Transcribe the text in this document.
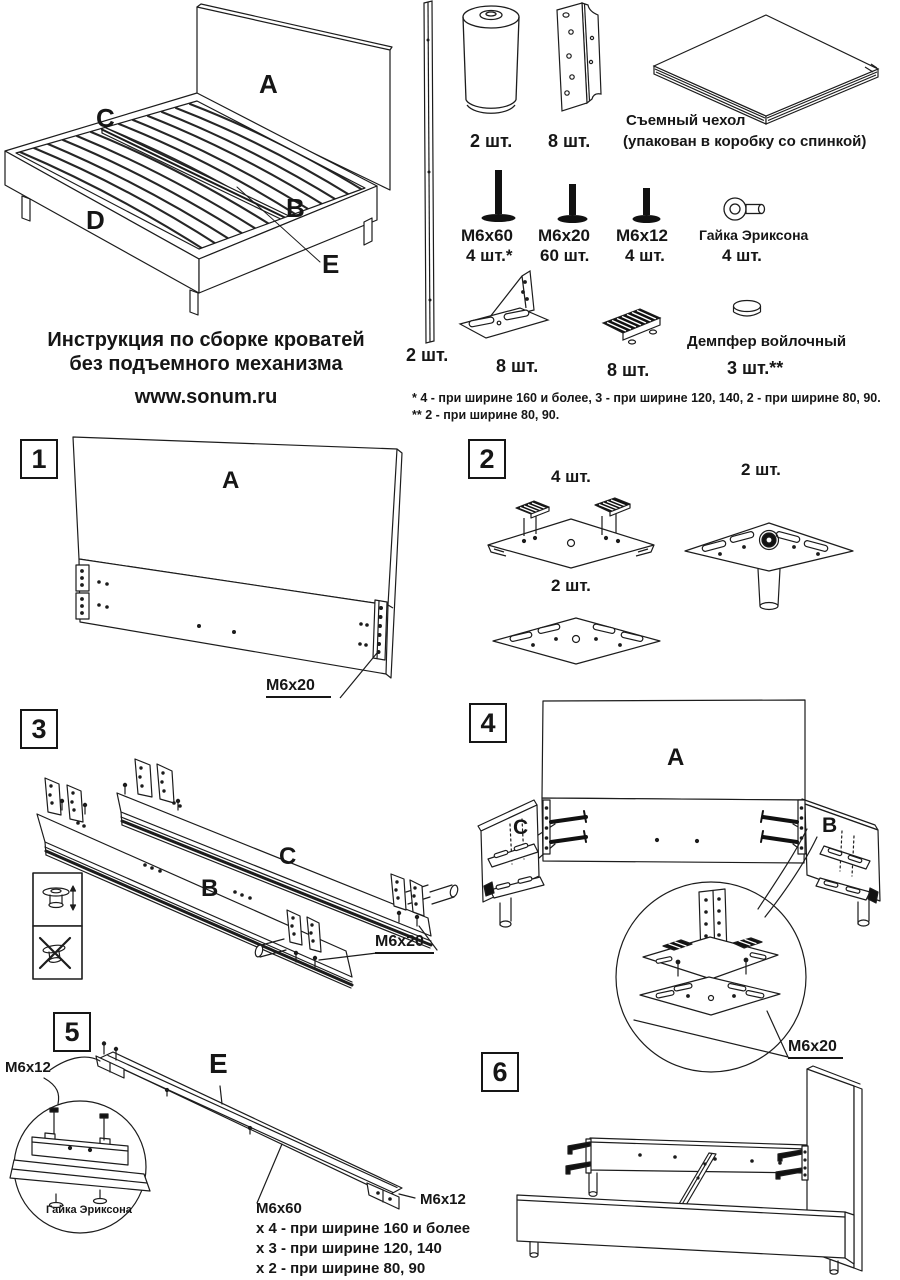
A
C
B
D
E
Инструкция по сборке кроватей
без подъемного механизма
www.sonum.ru
2 шт.
2 шт. 8 шт.
Съемный чехол
(упакован в коробку со спинкой)
M6x60
4 шт.*
M6x20
60 шт.
M6x12
4 шт.
Гайка Эриксона
4 шт.
8 шт.	8 шт.
Демпфер войлочный
3 шт.**
* 4 - при ширине 160 и более, 3 - при ширине 120, 140, 2 - при ширине 80, 90.
** 2 - при ширине 80, 90.
1
A
M6x20
2
4 шт.	2 шт.
2 шт.
3
C
B
M6x20
4
A
C	B
M6x20
5
E
M6x12
Гайка Эриксона	M6x60
x 4 - при ширине 160 и более
x 3 - при ширине 120, 140
x 2 - при ширине 80, 90
M6x12
6
